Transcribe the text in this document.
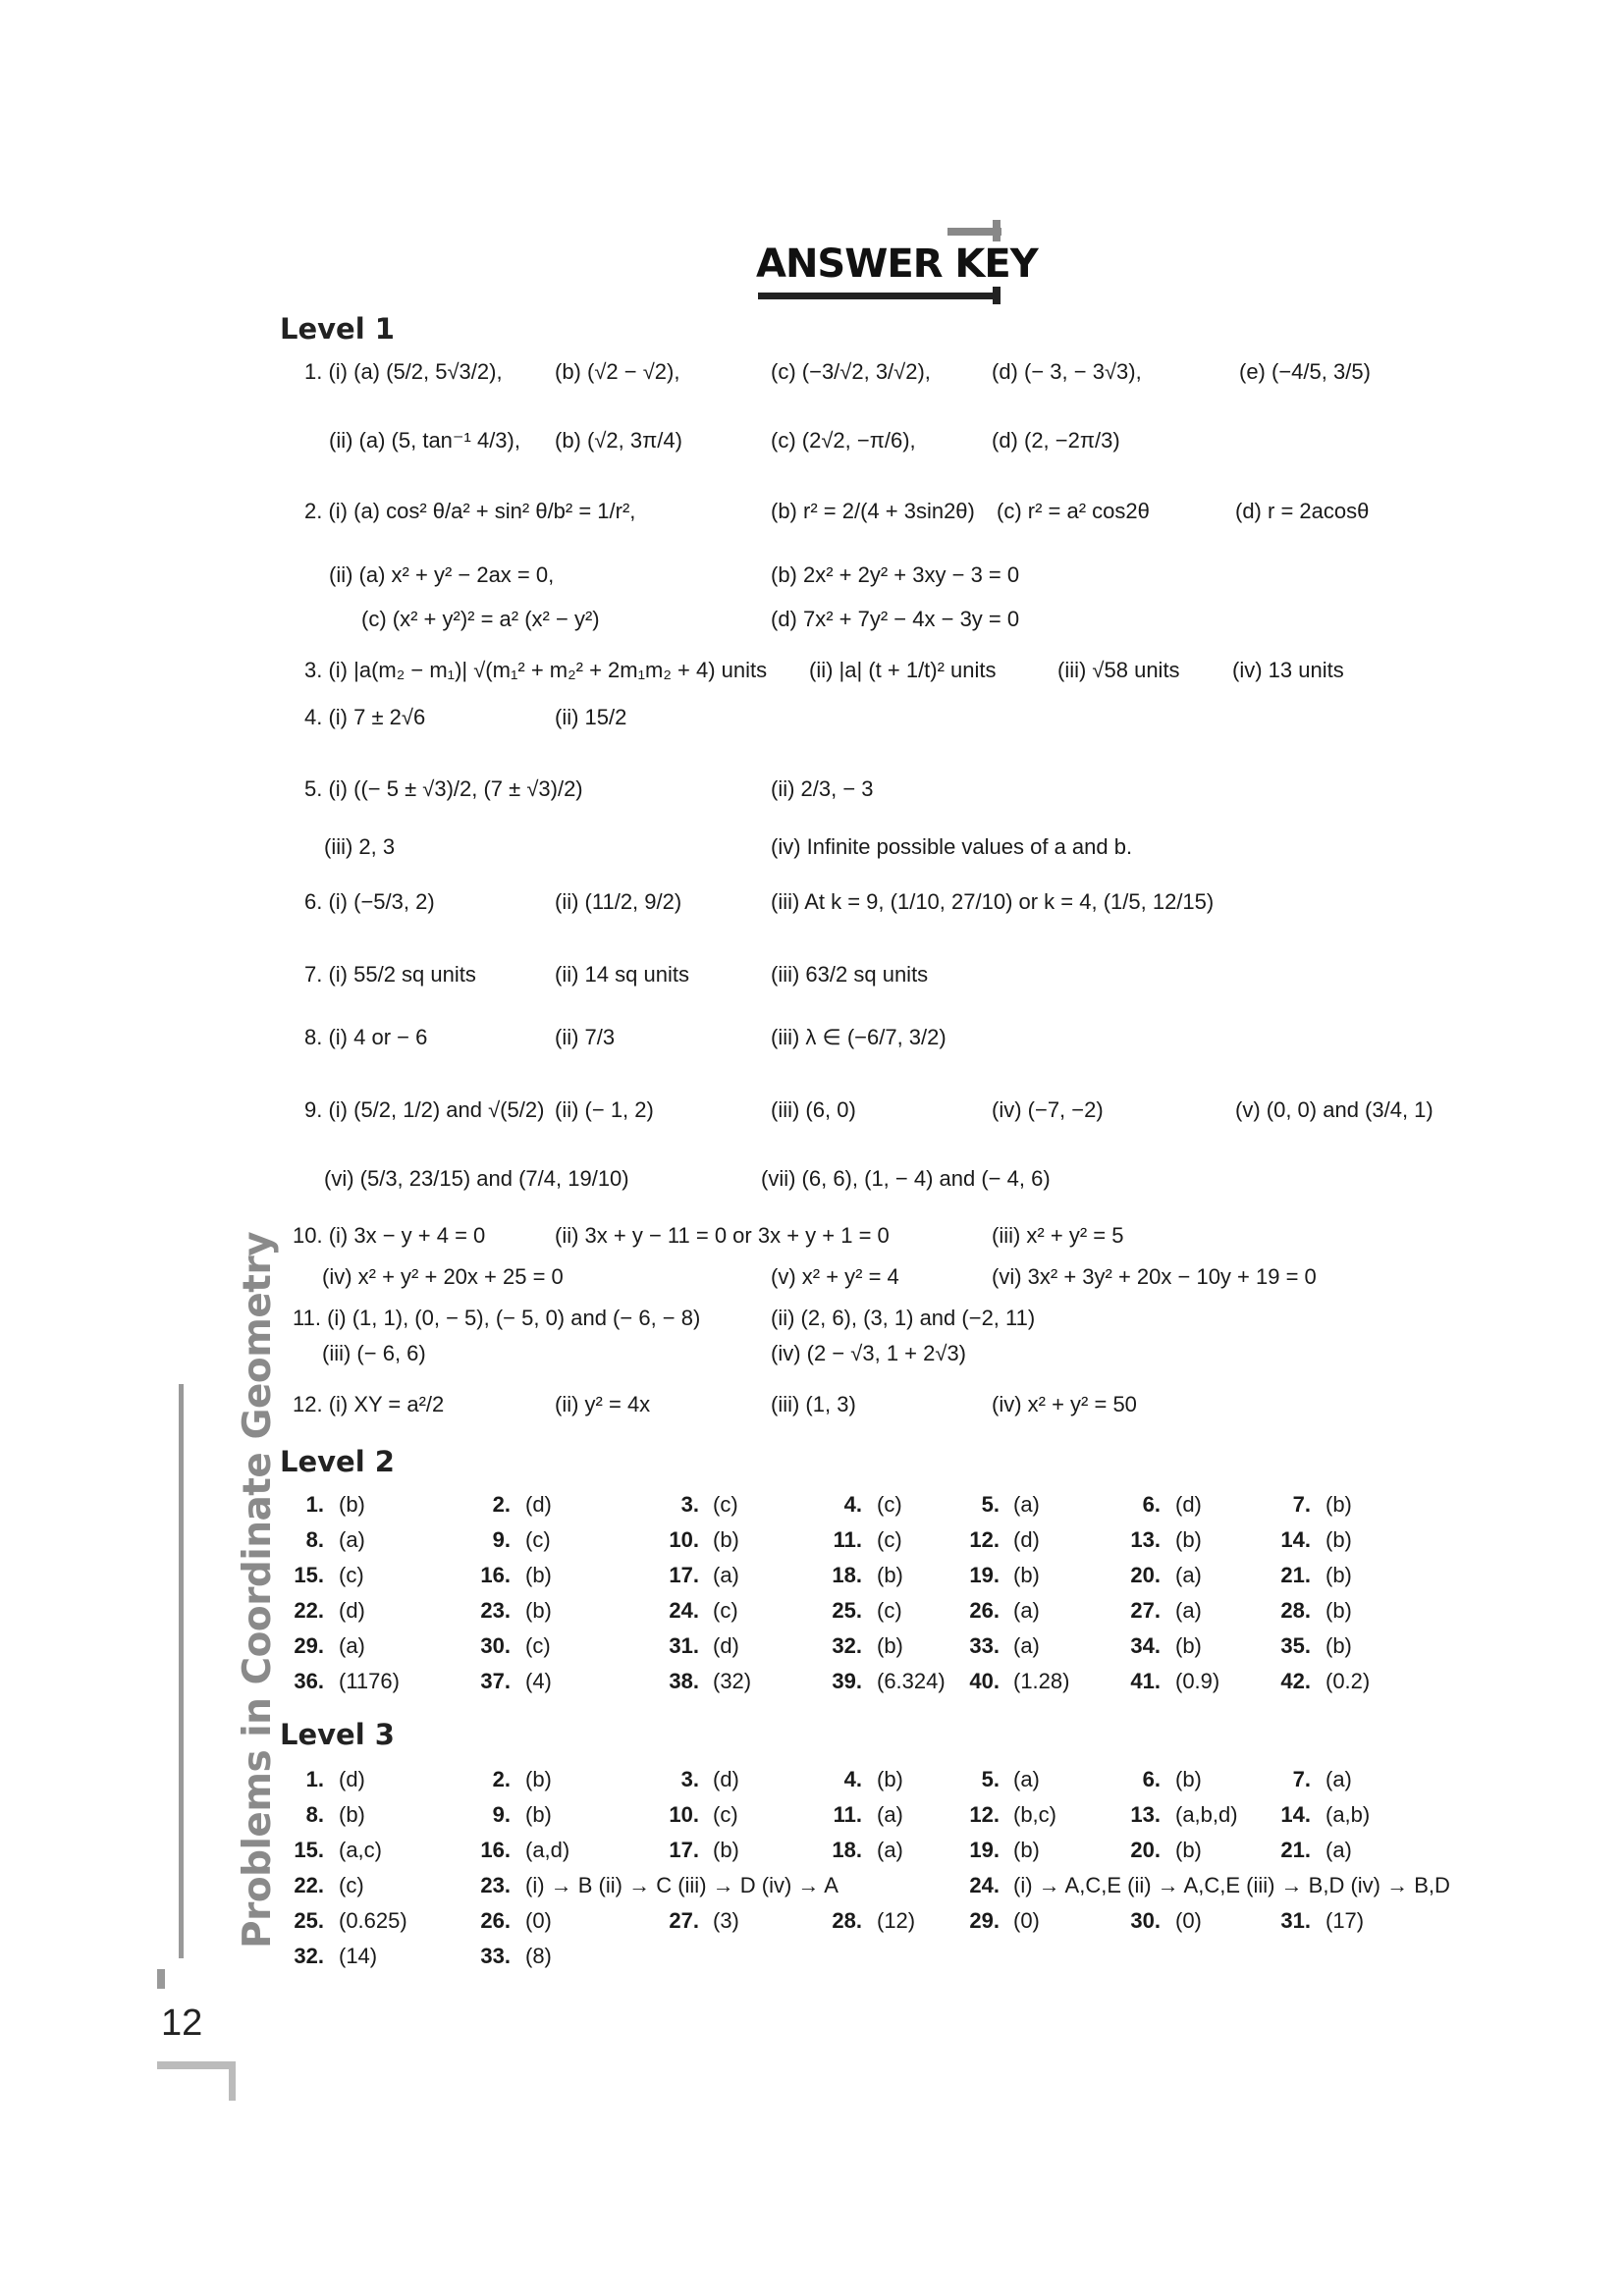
ANSWER KEY
Problems in Coordinate Geometry
12
Level 1
1. (i) (a) (5/2, 5√3/2), (b) (√2 − √2),	(c) (−3/√2, 3/√2),	(d) (− 3, − 3√3),	(e) (−4/5, 3/5)
(ii) (a) (5, tan⁻¹ 4/3), (b) (√2, 3π/4)	(c) (2√2, −π/6),	(d) (2, −2π/3)
2. (i) (a) cos² θ/a² + sin² θ/b² = 1/r²,	(b) r² = 2/(4 + 3sin2θ) (c) r² = a² cos2θ	(d) r = 2acosθ
(ii) (a) x² + y² − 2ax = 0,	(b) 2x² + 2y² + 3xy − 3 = 0
(c) (x² + y²)² = a² (x² − y²)	(d) 7x² + 7y² − 4x − 3y = 0
3. (i) |a(m₂ − m₁)| √(m₁² + m₂² + 2m₁m₂ + 4) units (ii) |a| (t + 1/t)² units	(iii) √58 units (iv) 13 units
4. (i) 7 ± 2√6	(ii) 15/2
5. (i) ((− 5 ± √3)/2, (7 ± √3)/2)	(ii) 2/3, − 3
(iii) 2, 3	(iv) Infinite possible values of a and b.
6. (i) (−5/3, 2)	(ii) (11/2, 9/2)	(iii) At k = 9, (1/10, 27/10) or k = 4, (1/5, 12/15)
7. (i) 55/2 sq units	(ii) 14 sq units	(iii) 63/2 sq units
8. (i) 4 or − 6	(ii) 7/3	(iii) λ ∈ (−6/7, 3/2)
9. (i) (5/2, 1/2) and √(5/2) (ii) (− 1, 2)	(iii) (6, 0)	(iv) (−7, −2)	(v) (0, 0) and (3/4, 1)
(vi) (5/3, 23/15) and (7/4, 19/10)	(vii) (6, 6), (1, − 4) and (− 4, 6)
10. (i) 3x − y + 4 = 0	(ii) 3x + y − 11 = 0 or 3x + y + 1 = 0	(iii) x² + y² = 5
(iv) x² + y² + 20x + 25 = 0	(v) x² + y² = 4	(vi) 3x² + 3y² + 20x − 10y + 19 = 0
11. (i) (1, 1), (0, − 5), (− 5, 0) and (− 6, − 8)	(ii) (2, 6), (3, 1) and (−2, 11)
(iii) (− 6, 6)	(iv) (2 − √3, 1 + 2√3)
12. (i) XY = a²/2	(ii) y² = 4x	(iii) (1, 3)	(iv) x² + y² = 50
Level 2
1. (b)	2. (d)	3. (c)	4. (c)	5. (a)	6. (d)	7. (b)
8. (a)	9. (c)	10. (b)	11. (c)	12. (d)	13. (b)	14. (b)
15. (c)	16. (b)	17. (a)	18. (b)	19. (b)	20. (a)	21. (b)
22. (d)	23. (b)	24. (c)	25. (c)	26. (a)	27. (a)	28. (b)
29. (a)	30. (c)	31. (d)	32. (b)	33. (a)	34. (b)	35. (b)
36. (1176)	37. (4)	38. (32)	39. (6.324)	40. (1.28)	41. (0.9)	42. (0.2)
Level 3
1. (d)	2. (b)	3. (d)	4. (b)	5. (a)	6. (b)	7. (a)
8. (b)	9. (b)	10. (c)	11. (a)	12. (b,c)	13. (a,b,d)	14. (a,b)
15. (a,c)	16. (a,d)	17. (b)	18. (a)	19. (b)	20. (b)	21. (a)
22. (c)	23. (i) → B (ii) → C (iii) → D (iv) → A	24. (i) → A,C,E (ii) → A,C,E (iii) → B,D (iv) → B,D
25. (0.625)	26. (0)	27. (3)	28. (12)	29. (0)	30. (0)	31. (17)
32. (14)	33. (8)
